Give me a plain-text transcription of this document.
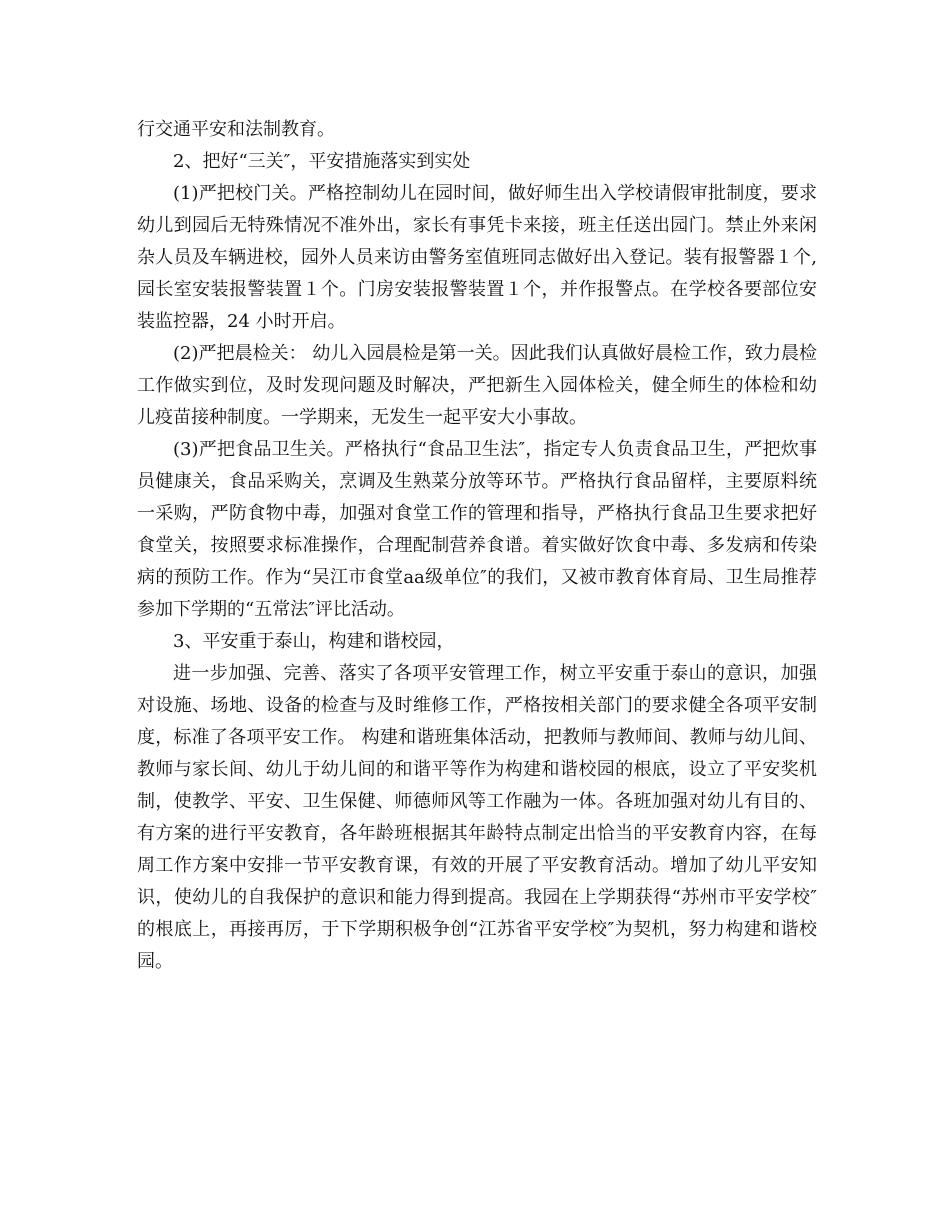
行交通平安和法制教育。

2、把好“三关″，平安措施落实到实处

(1)严把校门关。严格控制幼儿在园时间，做好师生出入学校请假审批制度，要求幼儿到园后无特殊情况不准外出，家长有事凭卡来接，班主任送出园门。禁止外来闲杂人员及车辆进校，园外人员来访由警务室值班同志做好出入登记。装有报警器１个,园长室安装报警装置１个。门房安装报警装置１个，并作报警点。在学校各要部位安装监控器，24 小时开启。

(2)严把晨检关： 幼儿入园晨检是第一关。因此我们认真做好晨检工作，致力晨检工作做实到位，及时发现问题及时解决，严把新生入园体检关，健全师生的体检和幼儿疫苗接种制度。一学期来，无发生一起平安大小事故。

(3)严把食品卫生关。严格执行“食品卫生法″，指定专人负责食品卫生，严把炊事员健康关，食品采购关，烹调及生熟菜分放等环节。严格执行食品留样，主要原料统一采购，严防食物中毒，加强对食堂工作的管理和指导，严格执行食品卫生要求把好食堂关，按照要求标准操作，合理配制营养食谱。着实做好饮食中毒、多发病和传染病的预防工作。作为“吴江市食堂aa级单位″的我们，又被市教育体育局、卫生局推荐参加下学期的“五常法″评比活动。

3、平安重于泰山，构建和谐校园，

进一步加强、完善、落实了各项平安管理工作，树立平安重于泰山的意识，加强对设施、场地、设备的检查与及时维修工作，严格按相关部门的要求健全各项平安制度，标准了各项平安工作。 构建和谐班集体活动，把教师与教师间、教师与幼儿间、教师与家长间、幼儿于幼儿间的和谐平等作为构建和谐校园的根底，设立了平安奖机制，使教学、平安、卫生保健、师德师风等工作融为一体。各班加强对幼儿有目的、有方案的进行平安教育，各年龄班根据其年龄特点制定出恰当的平安教育内容，在每周工作方案中安排一节平安教育课，有效的开展了平安教育活动。增加了幼儿平安知识，使幼儿的自我保护的意识和能力得到提高。我园在上学期获得“苏州市平安学校″的根底上，再接再厉，于下学期积极争创“江苏省平安学校″为契机，努力构建和谐校园。
